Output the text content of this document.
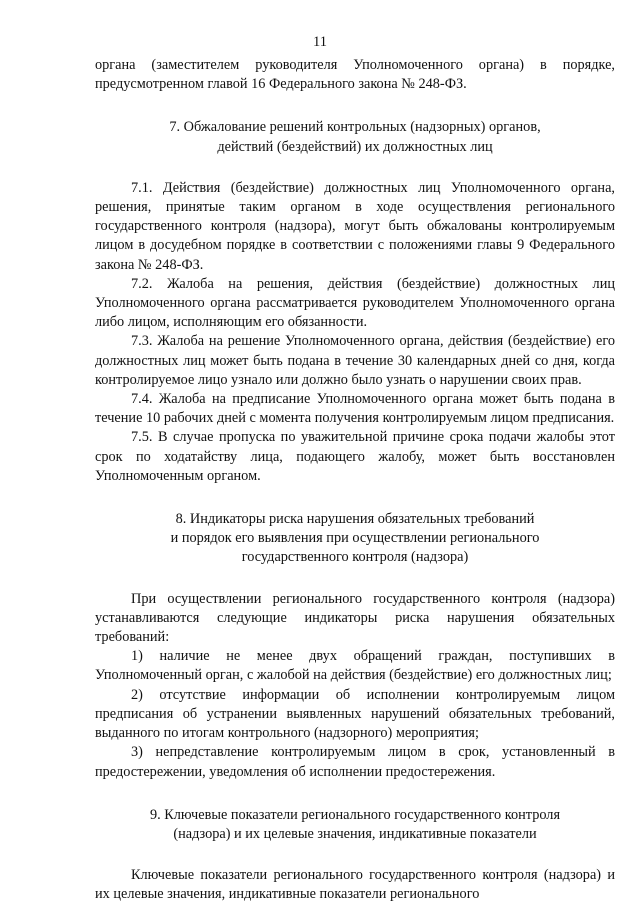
11

органа (заместителем руководителя Уполномоченного органа) в порядке, предусмотренном главой 16 Федерального закона № 248-ФЗ.

7. Обжалование решений контрольных (надзорных) органов,
действий (бездействий) их должностных лиц

7.1. Действия (бездействие) должностных лиц Уполномоченного органа, решения, принятые таким органом в ходе осуществления регионального государственного контроля (надзора), могут быть обжалованы контролируемым лицом в досудебном порядке в соответствии с положениями главы 9 Федерального закона № 248-ФЗ.

7.2. Жалоба на решения, действия (бездействие) должностных лиц Уполномоченного органа рассматривается руководителем Уполномоченного органа либо лицом, исполняющим его обязанности.

7.3. Жалоба на решение Уполномоченного органа, действия (бездействие) его должностных лиц может быть подана в течение 30 календарных дней со дня, когда контролируемое лицо узнало или должно было узнать о нарушении своих прав.

7.4. Жалоба на предписание Уполномоченного органа может быть подана в течение 10 рабочих дней с момента получения контролируемым лицом предписания.

7.5. В случае пропуска по уважительной причине срока подачи жалобы этот срок по ходатайству лица, подающего жалобу, может быть восстановлен Уполномоченным органом.

8. Индикаторы риска нарушения обязательных требований
и порядок его выявления при осуществлении регионального
государственного контроля (надзора)

При осуществлении регионального государственного контроля (надзора) устанавливаются следующие индикаторы риска нарушения обязательных требований:

1) наличие не менее двух обращений граждан, поступивших в Уполномоченный орган, с жалобой на действия (бездействие) его должностных лиц;

2) отсутствие информации об исполнении контролируемым лицом предписания об устранении выявленных нарушений обязательных требований, выданного по итогам контрольного (надзорного) мероприятия;

3) непредставление контролируемым лицом в срок, установленный в предостережении, уведомления об исполнении предостережения.

9. Ключевые показатели регионального государственного контроля
(надзора) и их целевые значения, индикативные показатели

Ключевые показатели регионального государственного контроля (надзора) и их целевые значения, индикативные показатели регионального
